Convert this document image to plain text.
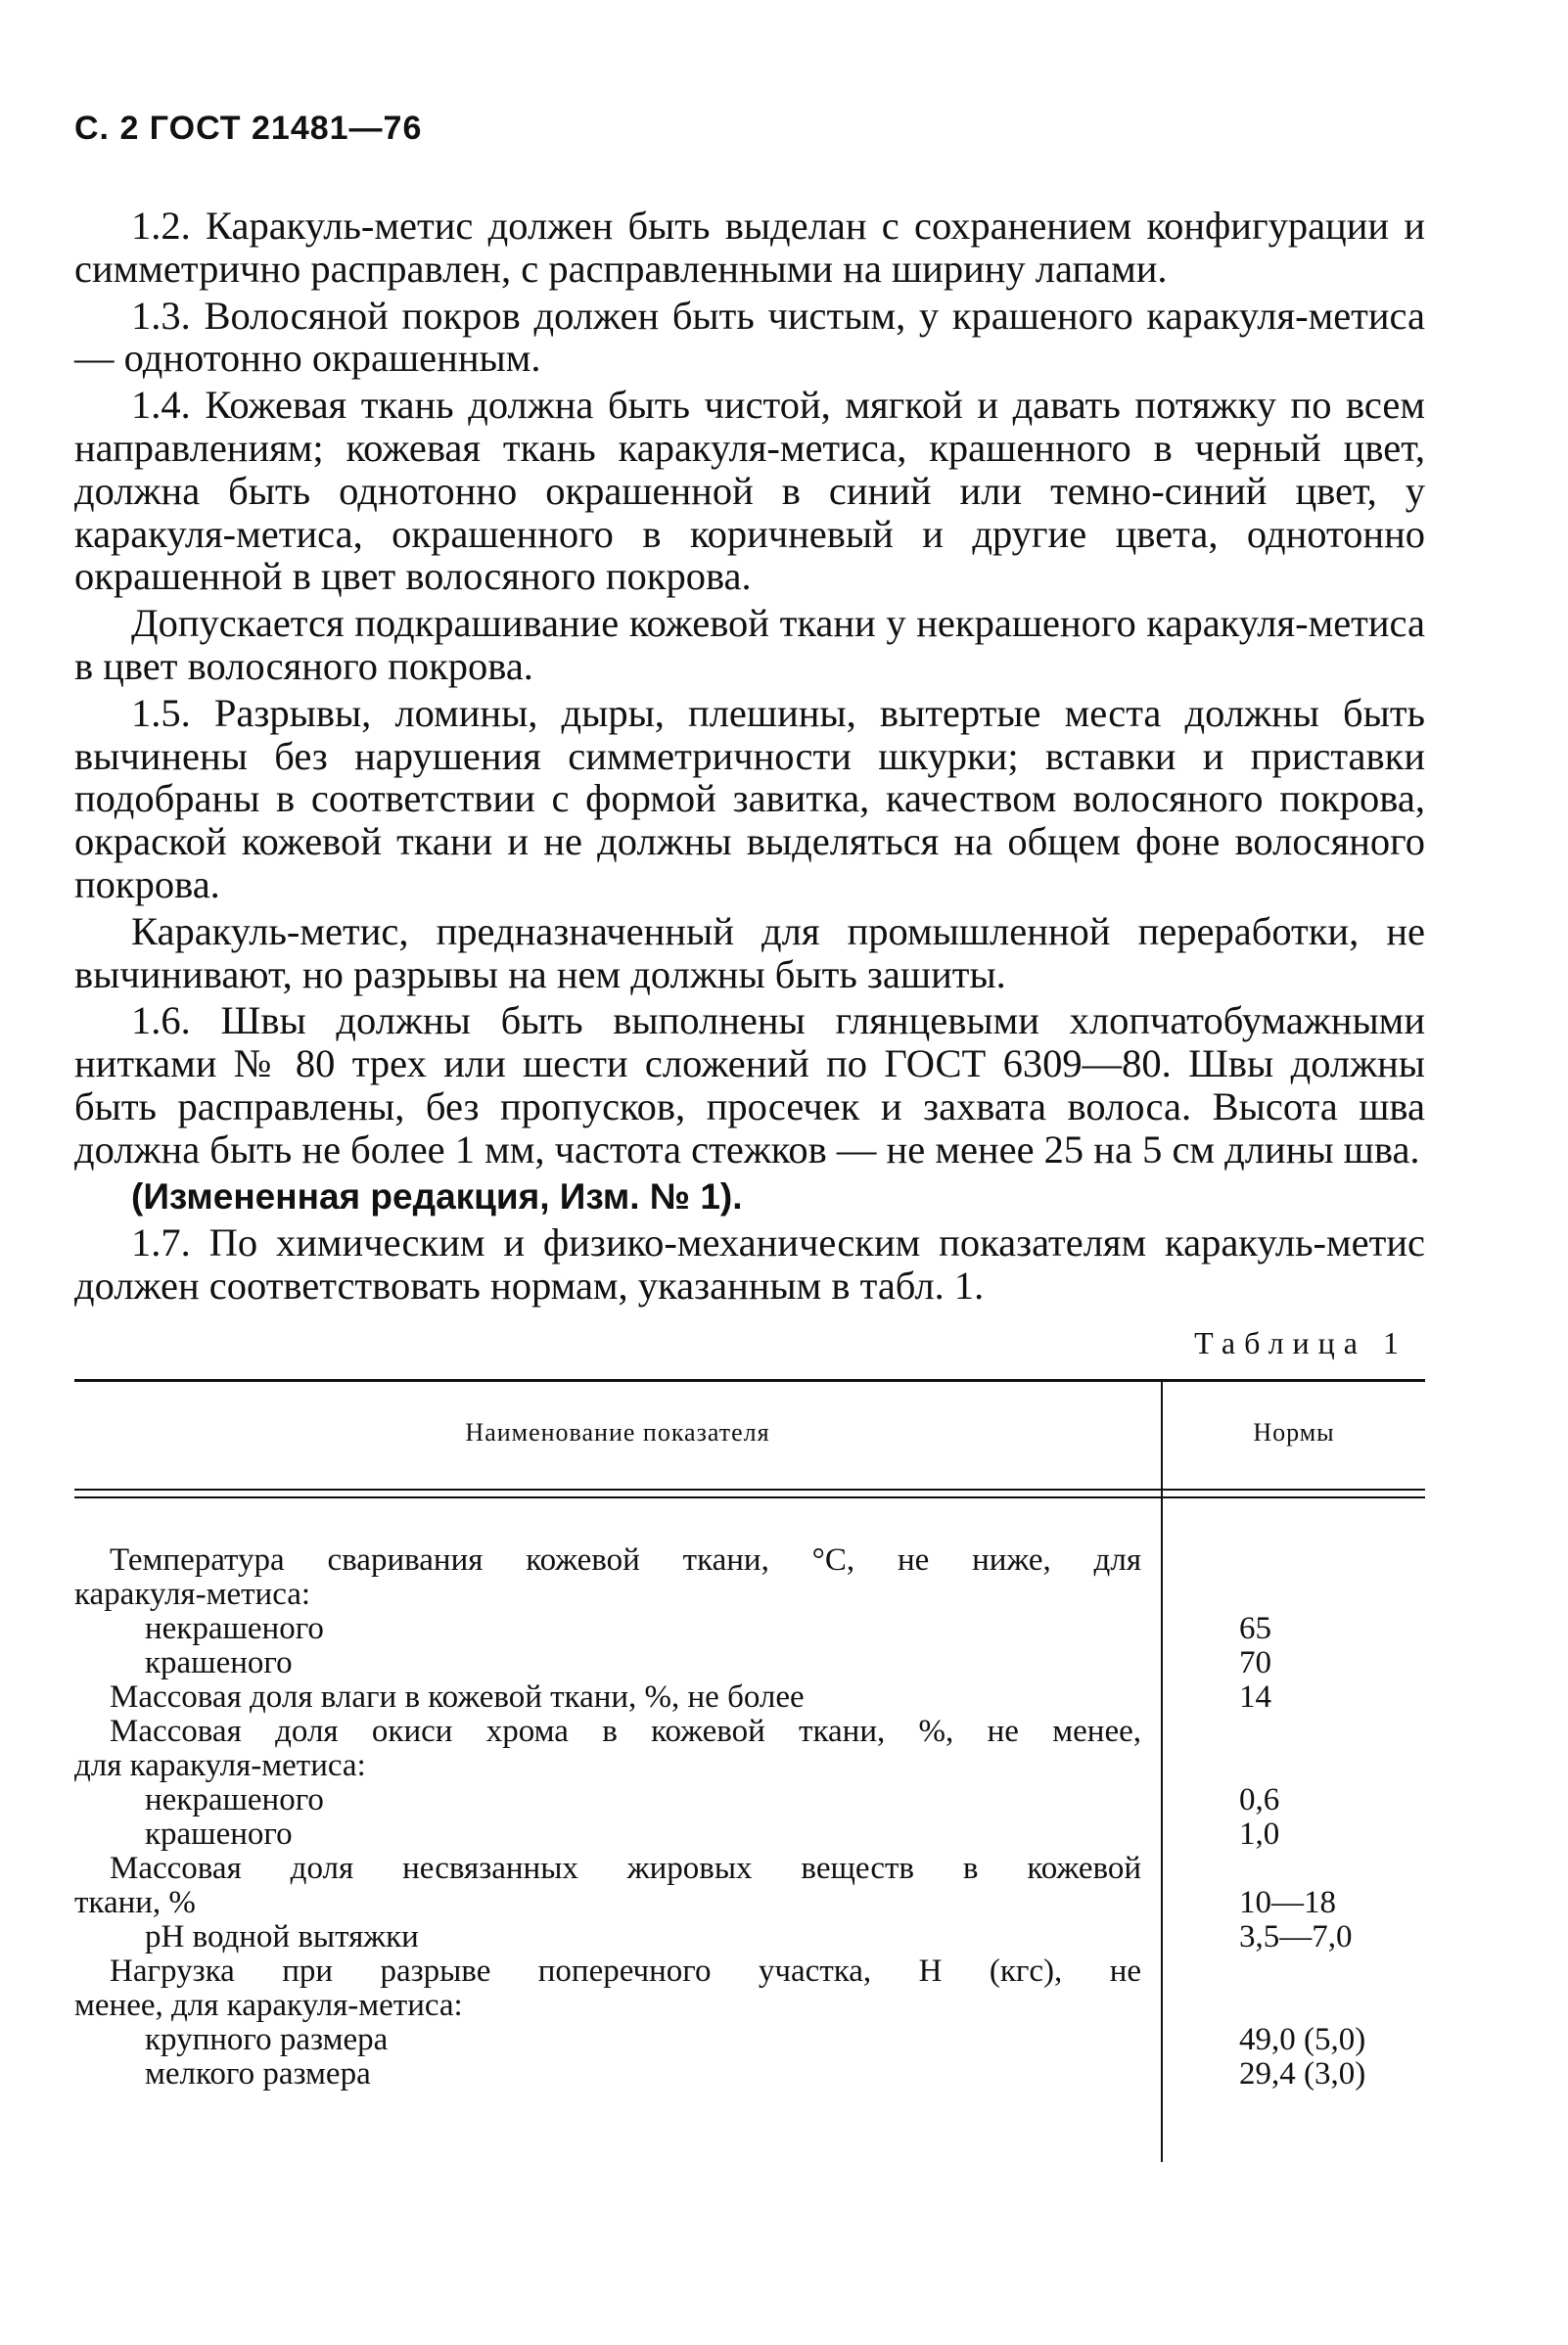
С. 2 ГОСТ 21481—76

1.2. Каракуль-метис должен быть выделан с сохранением конфигурации и симметрично расправлен, с расправленными на ширину лапами.

1.3. Волосяной покров должен быть чистым, у крашеного каракуля-метиса — однотонно окрашенным.

1.4. Кожевая ткань должна быть чистой, мягкой и давать потяжку по всем направлениям; кожевая ткань каракуля-метиса, крашенного в черный цвет, должна быть однотонно окрашенной в синий или темно-синий цвет, у каракуля-метиса, окрашенного в коричневый и другие цвета, однотонно окрашенной в цвет волосяного покрова.

Допускается подкрашивание кожевой ткани у некрашеного каракуля-метиса в цвет волосяного покрова.

1.5. Разрывы, ломины, дыры, плешины, вытертые места должны быть вычинены без нарушения симметричности шкурки; вставки и приставки подобраны в соответствии с формой завитка, качеством волосяного покрова, окраской кожевой ткани и не должны выделяться на общем фоне волосяного покрова.

Каракуль-метис, предназначенный для промышленной переработки, не вычинивают, но разрывы на нем должны быть зашиты.

1.6. Швы должны быть выполнены глянцевыми хлопчатобумажными нитками № 80 трех или шести сложений по ГОСТ 6309—80. Швы должны быть расправлены, без пропусков, просечек и захвата волоса. Высота шва должна быть не более 1 мм, частота стежков — не менее 25 на 5 см длины шва.

(Измененная редакция, Изм. № 1).

1.7. По химическим и физико-механическим показателям каракуль-метис должен соответствовать нормам, указанным в табл. 1.

Таблица 1
Наименование показателя	Нормы
Температура сваривания кожевой ткани, °С, не ниже, для
каракуля-метиса:
некрашеного	65
крашеного	70
Массовая доля влаги в кожевой ткани, %, не более	14
Массовая доля окиси хрома в кожевой ткани, %, не менее,
для каракуля-метиса:
некрашеного	0,6
крашеного	1,0
Массовая доля несвязанных жировых веществ в кожевой
ткани, %	10—18
pH водной вытяжки	3,5—7,0
Нагрузка при разрыве поперечного участка, Н (кгс), не
менее, для каракуля-метиса:
крупного размера	49,0 (5,0)
мелкого размера	29,4 (3,0)
